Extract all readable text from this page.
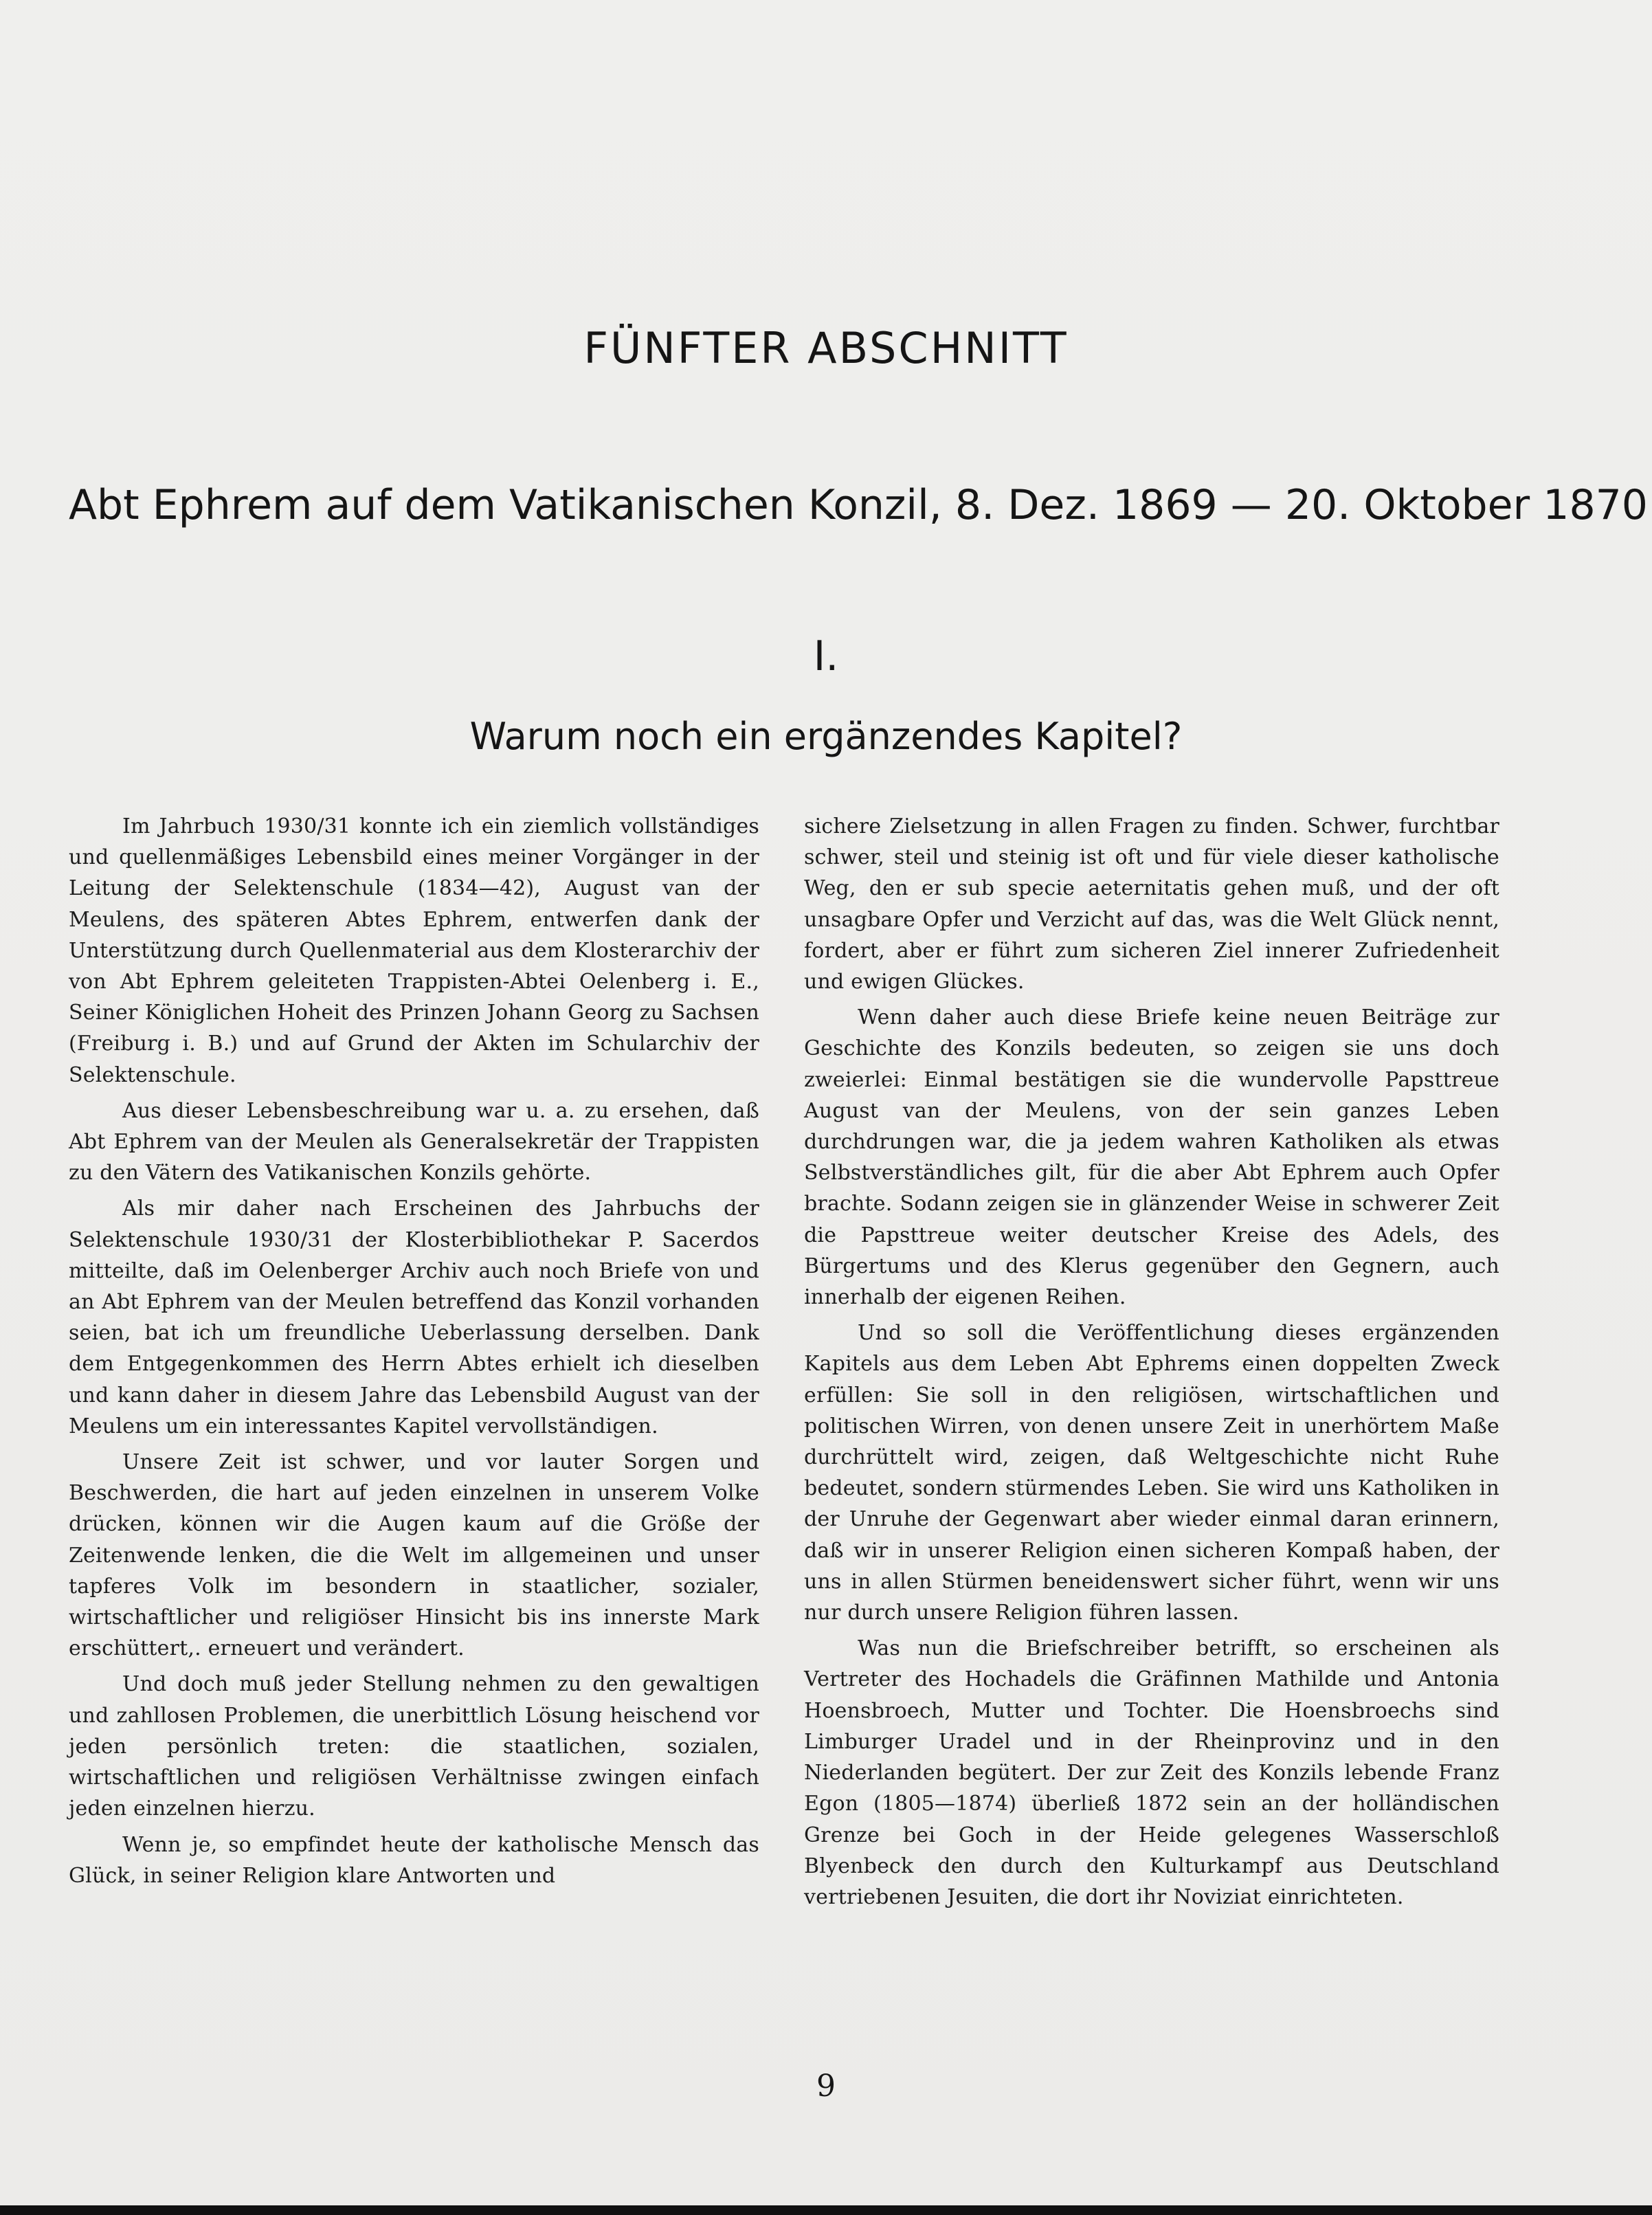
FÜNFTER ABSCHNITT
Abt Ephrem auf dem Vatikanischen Konzil, 8. Dez. 1869 — 20. Oktober 1870
I.
Warum noch ein ergänzendes Kapitel?

Im Jahrbuch 1930/31 konnte ich ein ziemlich vollständiges und quellenmäßiges Lebensbild eines meiner Vorgänger in der Leitung der Selektenschule (1834—42), August van der Meulens, des späteren Abtes Ephrem, entwerfen dank der Unterstützung durch Quellenmaterial aus dem Klosterarchiv der von Abt Ephrem geleiteten Trappisten-Abtei Oelenberg i. E., Seiner Königlichen Hoheit des Prinzen Johann Georg zu Sachsen (Freiburg i. B.) und auf Grund der Akten im Schularchiv der Selektenschule.

Aus dieser Lebensbeschreibung war u. a. zu ersehen, daß Abt Ephrem van der Meulen als Generalsekretär der Trappisten zu den Vätern des Vatikanischen Konzils gehörte.

Als mir daher nach Erscheinen des Jahrbuchs der Selektenschule 1930/31 der Klosterbibliothekar P. Sacerdos mitteilte, daß im Oelenberger Archiv auch noch Briefe von und an Abt Ephrem van der Meulen betreffend das Konzil vorhanden seien, bat ich um freundliche Ueberlassung derselben. Dank dem Entgegenkommen des Herrn Abtes erhielt ich dieselben und kann daher in diesem Jahre das Lebensbild August van der Meulens um ein interessantes Kapitel vervollständigen.

Unsere Zeit ist schwer, und vor lauter Sorgen und Beschwerden, die hart auf jeden einzelnen in unserem Volke drücken, können wir die Augen kaum auf die Größe der Zeitenwende lenken, die die Welt im allgemeinen und unser tapferes Volk im besondern in staatlicher, sozialer, wirtschaftlicher und religiöser Hinsicht bis ins innerste Mark erschüttert,. erneuert und verändert.

Und doch muß jeder Stellung nehmen zu den gewaltigen und zahllosen Problemen, die unerbittlich Lösung heischend vor jeden persönlich treten: die staatlichen, sozialen, wirtschaftlichen und religiösen Verhältnisse zwingen einfach jeden einzelnen hierzu.

Wenn je, so empfindet heute der katholische Mensch das Glück, in seiner Religion klare Antworten und

sichere Zielsetzung in allen Fragen zu finden. Schwer, furchtbar schwer, steil und steinig ist oft und für viele dieser katholische Weg, den er sub specie aeternitatis gehen muß, und der oft unsagbare Opfer und Verzicht auf das, was die Welt Glück nennt, fordert, aber er führt zum sicheren Ziel innerer Zufriedenheit und ewigen Glückes.

Wenn daher auch diese Briefe keine neuen Beiträge zur Geschichte des Konzils bedeuten, so zeigen sie uns doch zweierlei: Einmal bestätigen sie die wundervolle Papsttreue August van der Meulens, von der sein ganzes Leben durchdrungen war, die ja jedem wahren Katholiken als etwas Selbstverständliches gilt, für die aber Abt Ephrem auch Opfer brachte. Sodann zeigen sie in glänzender Weise in schwerer Zeit die Papsttreue weiter deutscher Kreise des Adels, des Bürgertums und des Klerus gegenüber den Gegnern, auch innerhalb der eigenen Reihen.

Und so soll die Veröffentlichung dieses ergänzenden Kapitels aus dem Leben Abt Ephrems einen doppelten Zweck erfüllen: Sie soll in den religiösen, wirtschaftlichen und politischen Wirren, von denen unsere Zeit in unerhörtem Maße durchrüttelt wird, zeigen, daß Weltgeschichte nicht Ruhe bedeutet, sondern stürmendes Leben. Sie wird uns Katholiken in der Unruhe der Gegenwart aber wieder einmal daran erinnern, daß wir in unserer Religion einen sicheren Kompaß haben, der uns in allen Stürmen beneidenswert sicher führt, wenn wir uns nur durch unsere Religion führen lassen.

Was nun die Briefschreiber betrifft, so erscheinen als Vertreter des Hochadels die Gräfinnen Mathilde und Antonia Hoensbroech, Mutter und Tochter. Die Hoensbroechs sind Limburger Uradel und in der Rheinprovinz und in den Niederlanden begütert. Der zur Zeit des Konzils lebende Franz Egon (1805—1874) überließ 1872 sein an der holländischen Grenze bei Goch in der Heide gelegenes Wasserschloß Blyenbeck den durch den Kulturkampf aus Deutschland vertriebenen Jesuiten, die dort ihr Noviziat einrichteten.

9
